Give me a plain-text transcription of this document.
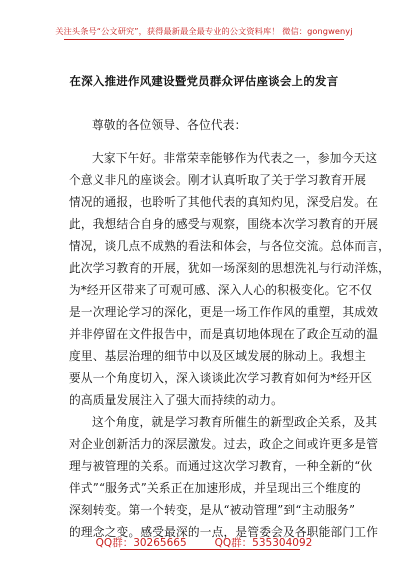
关注头条号“公文研究”，获得最新最全最专业的公文资料库！ 微信：gongwenyj
在深入推进作风建设暨党员群众评估座谈会上的发言
尊敬的各位领导、各位代表：
大家下午好。非常荣幸能够作为代表之一，参加今天这
个意义非凡的座谈会。刚才认真听取了关于学习教育开展
情况的通报，也聆听了其他代表的真知灼见，深受启发。在
此，我想结合自身的感受与观察，围绕本次学习教育的开展
情况，谈几点不成熟的看法和体会，与各位交流。总体而言，
此次学习教育的开展，犹如一场深刻的思想洗礼与行动洋炼，
为*经开区带来了可观可感、深入人心的积极变化。它不仅
是一次理论学习的深化，更是一场工作作风的重塑，其成效
并非停留在文件报告中，而是真切地体现在了政企互动的温
度里、基层治理的细节中以及区域发展的脉动上。我想主
要从一个角度切入，深入谈谈此次学习教育如何为*经开区
的高质量发展注入了强大而持续的动力。
这个角度，就是学习教育所催生的新型政企关系，及其
对企业创新活力的深层激发。过去，政企之间或许更多是管
理与被管理的关系。而通过这次学习教育，一种全新的“伙
伴式”“服务式”关系正在加速形成，并呈现出三个维度的
深刻转变。第一个转变，是从“被动管理”到“主动服务”
的理念之变。感受最深的一点，是管委会及各职能部门工作
QQ群：30265665	QQ群：535304092
